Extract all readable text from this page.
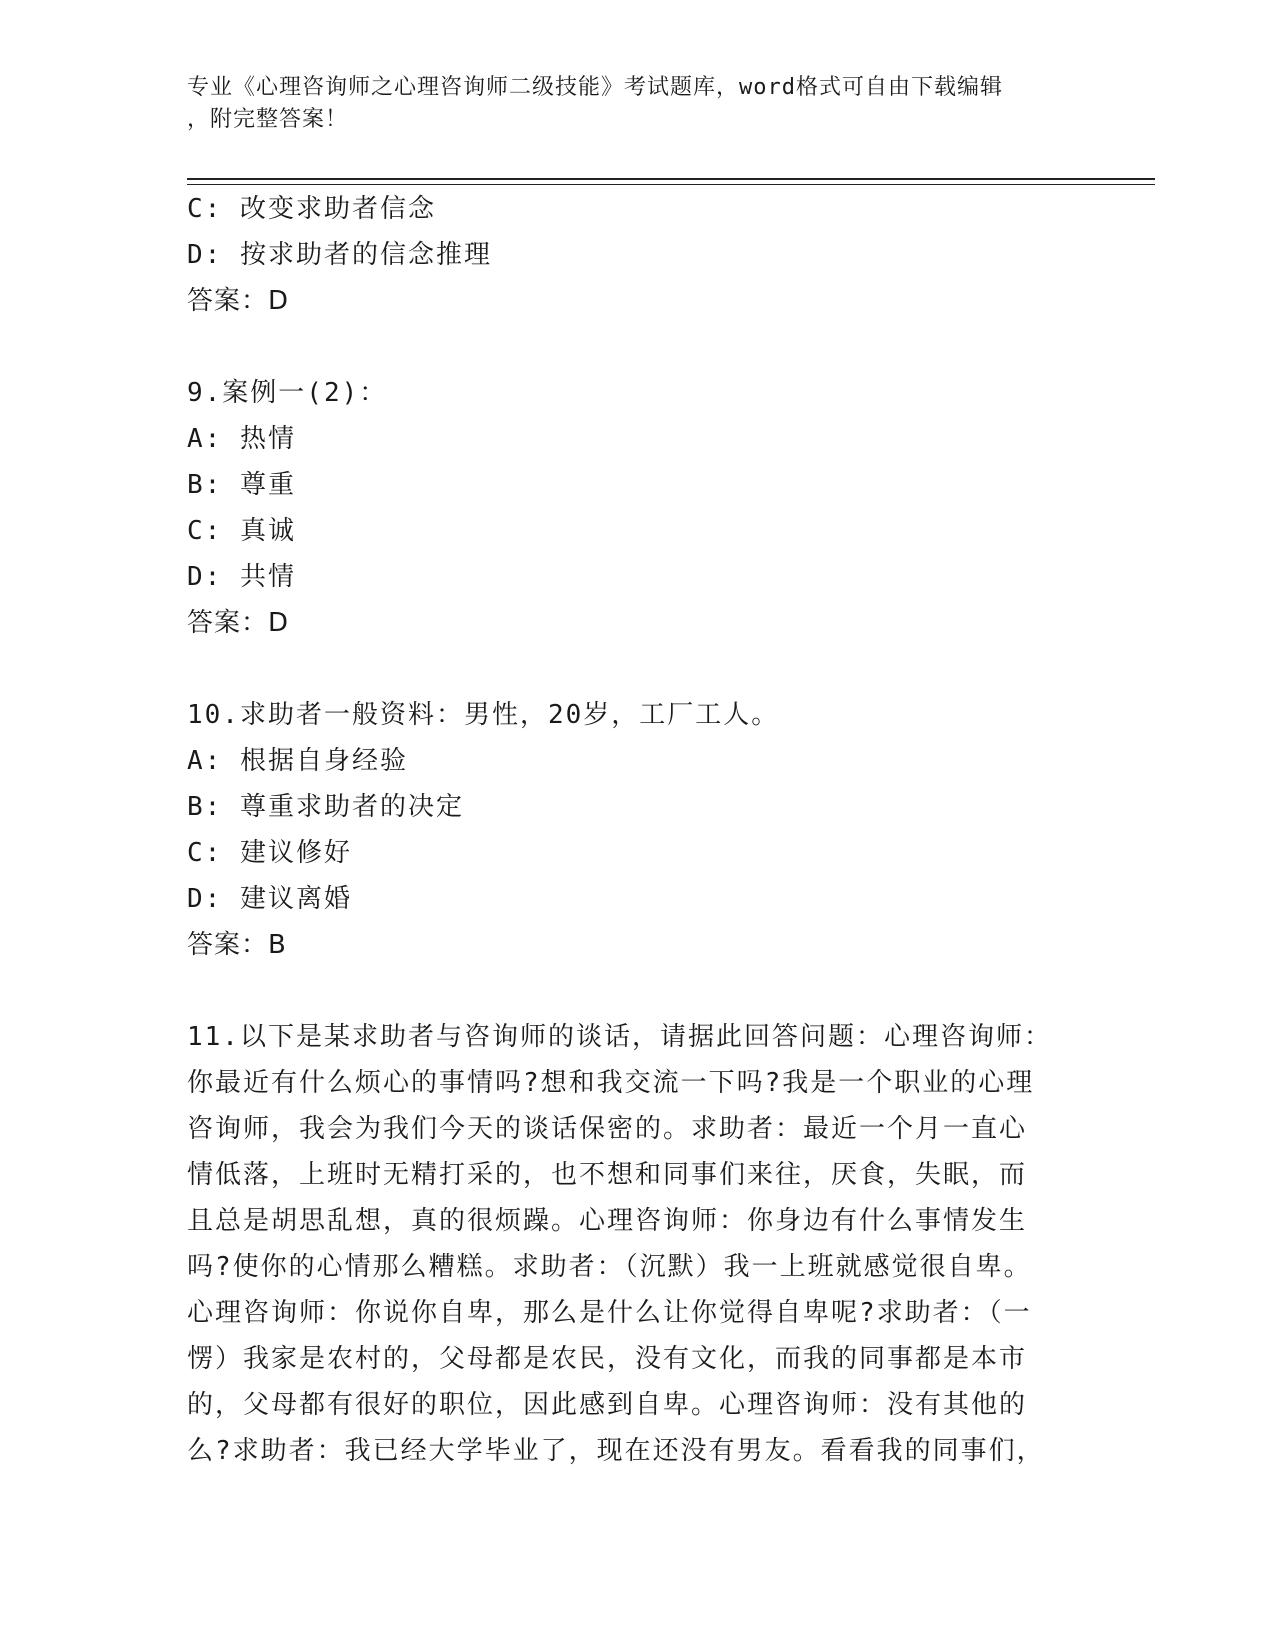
专业《心理咨询师之心理咨询师二级技能》考试题库，word格式可自由下载编辑
，附完整答案！
C: 改变求助者信念
D: 按求助者的信念推理
答案：D
9.案例一(2)：
A: 热情
B: 尊重
C: 真诚
D: 共情
答案：D
10.求助者一般资料：男性，20岁，工厂工人。
A: 根据自身经验
B: 尊重求助者的决定
C: 建议修好
D: 建议离婚
答案：B
11.以下是某求助者与咨询师的谈话，请据此回答问题：心理咨询师：
你最近有什么烦心的事情吗?想和我交流一下吗?我是一个职业的心理
咨询师，我会为我们今天的谈话保密的。求助者：最近一个月一直心
情低落，上班时无精打采的，也不想和同事们来往，厌食，失眠，而
且总是胡思乱想，真的很烦躁。心理咨询师：你身边有什么事情发生
吗?使你的心情那么糟糕。求助者：（沉默）我一上班就感觉很自卑。
心理咨询师：你说你自卑，那么是什么让你觉得自卑呢?求助者：（一
愣）我家是农村的，父母都是农民，没有文化，而我的同事都是本市
的，父母都有很好的职位，因此感到自卑。心理咨询师：没有其他的
么?求助者：我已经大学毕业了，现在还没有男友。看看我的同事们，
